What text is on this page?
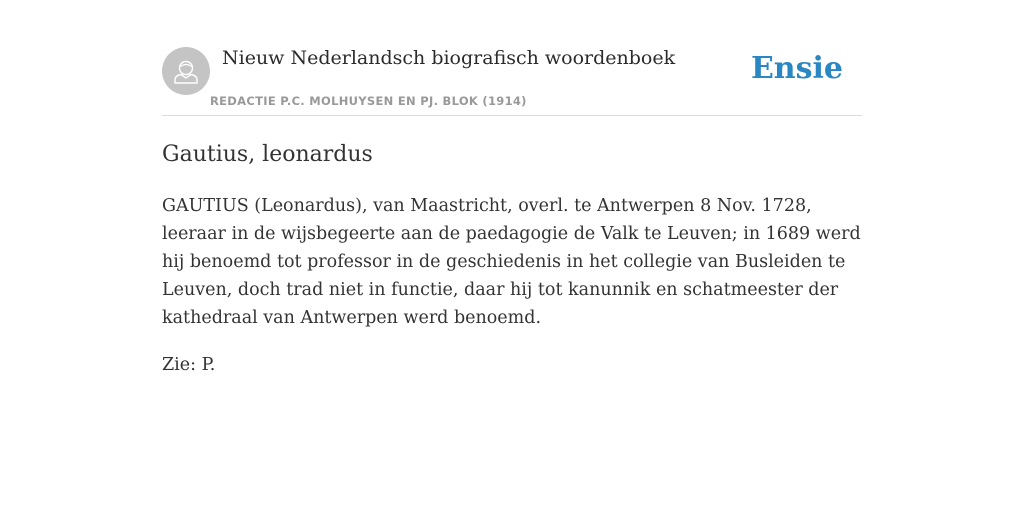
Nieuw Nederlandsch biografisch woordenboek
REDACTIE P.C. MOLHUYSEN EN PJ. BLOK (1914)
Ensie
Gautius, leonardus

GAUTIUS (Leonardus), van Maastricht, overl. te Antwerpen 8 Nov. 1728, leeraar in de wijsbegeerte aan de paedagogie de Valk te Leuven; in 1689 werd hij benoemd tot professor in de geschiedenis in het collegie van Busleiden te Leuven, doch trad niet in functie, daar hij tot kanunnik en schatmeester der kathedraal van Antwerpen werd benoemd.

Zie: P.
